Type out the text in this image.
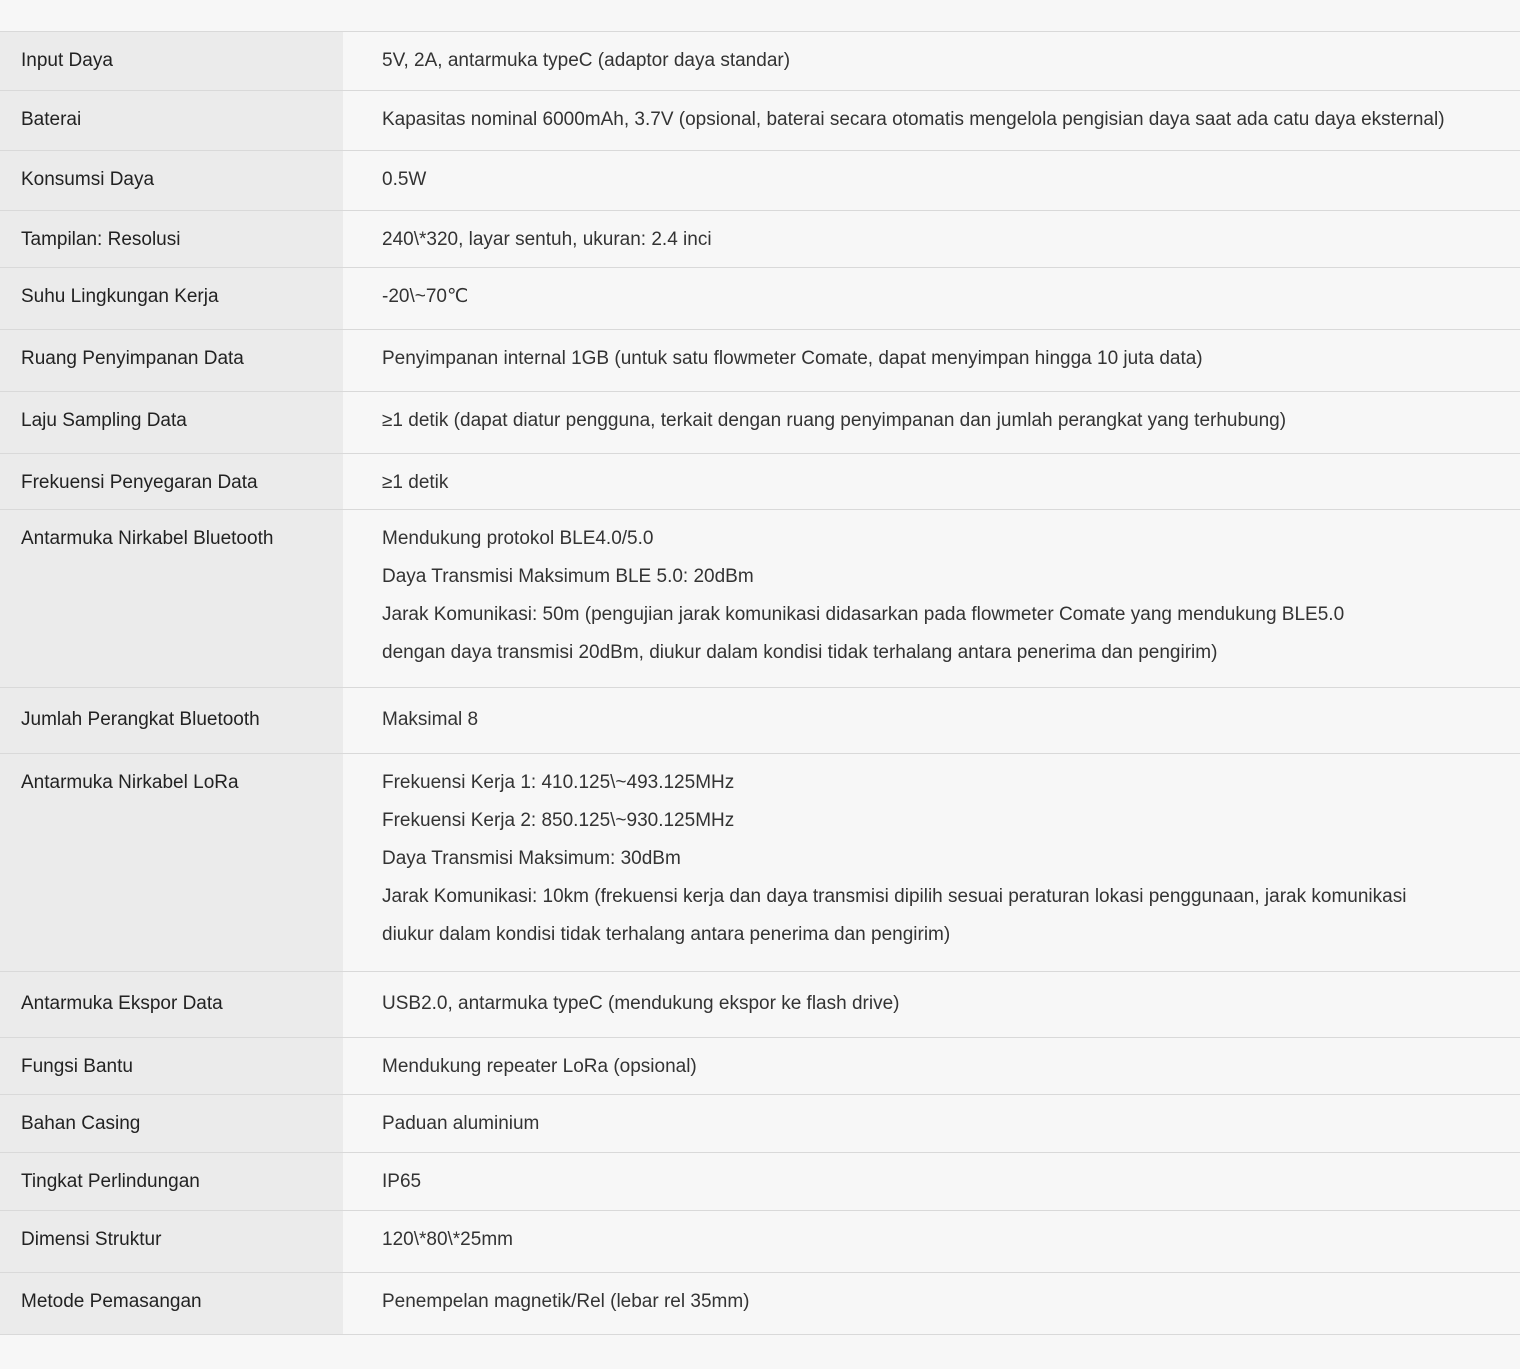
Input Daya	5V, 2A, antarmuka typeC (adaptor daya standar)
Baterai	Kapasitas nominal 6000mAh, 3.7V (opsional, baterai secara otomatis mengelola pengisian daya saat ada catu daya eksternal)
Konsumsi Daya	0.5W
Tampilan: Resolusi	240\*320, layar sentuh, ukuran: 2.4 inci
Suhu Lingkungan Kerja	-20\~70℃
Ruang Penyimpanan Data	Penyimpanan internal 1GB (untuk satu flowmeter Comate, dapat menyimpan hingga 10 juta data)
Laju Sampling Data	≥1 detik (dapat diatur pengguna, terkait dengan ruang penyimpanan dan jumlah perangkat yang terhubung)
Frekuensi Penyegaran Data	≥1 detik
Antarmuka Nirkabel Bluetooth	Mendukung protokol BLE4.0/5.0
Daya Transmisi Maksimum BLE 5.0: 20dBm
Jarak Komunikasi: 50m (pengujian jarak komunikasi didasarkan pada flowmeter Comate yang mendukung BLE5.0
dengan daya transmisi 20dBm, diukur dalam kondisi tidak terhalang antara penerima dan pengirim)
Jumlah Perangkat Bluetooth	Maksimal 8
Antarmuka Nirkabel LoRa	Frekuensi Kerja 1: 410.125\~493.125MHz
Frekuensi Kerja 2: 850.125\~930.125MHz
Daya Transmisi Maksimum: 30dBm
Jarak Komunikasi: 10km (frekuensi kerja dan daya transmisi dipilih sesuai peraturan lokasi penggunaan, jarak komunikasi
diukur dalam kondisi tidak terhalang antara penerima dan pengirim)
Antarmuka Ekspor Data	USB2.0, antarmuka typeC (mendukung ekspor ke flash drive)
Fungsi Bantu	Mendukung repeater LoRa (opsional)
Bahan Casing	Paduan aluminium
Tingkat Perlindungan	IP65
Dimensi Struktur	120\*80\*25mm
Metode Pemasangan	Penempelan magnetik/Rel (lebar rel 35mm)
